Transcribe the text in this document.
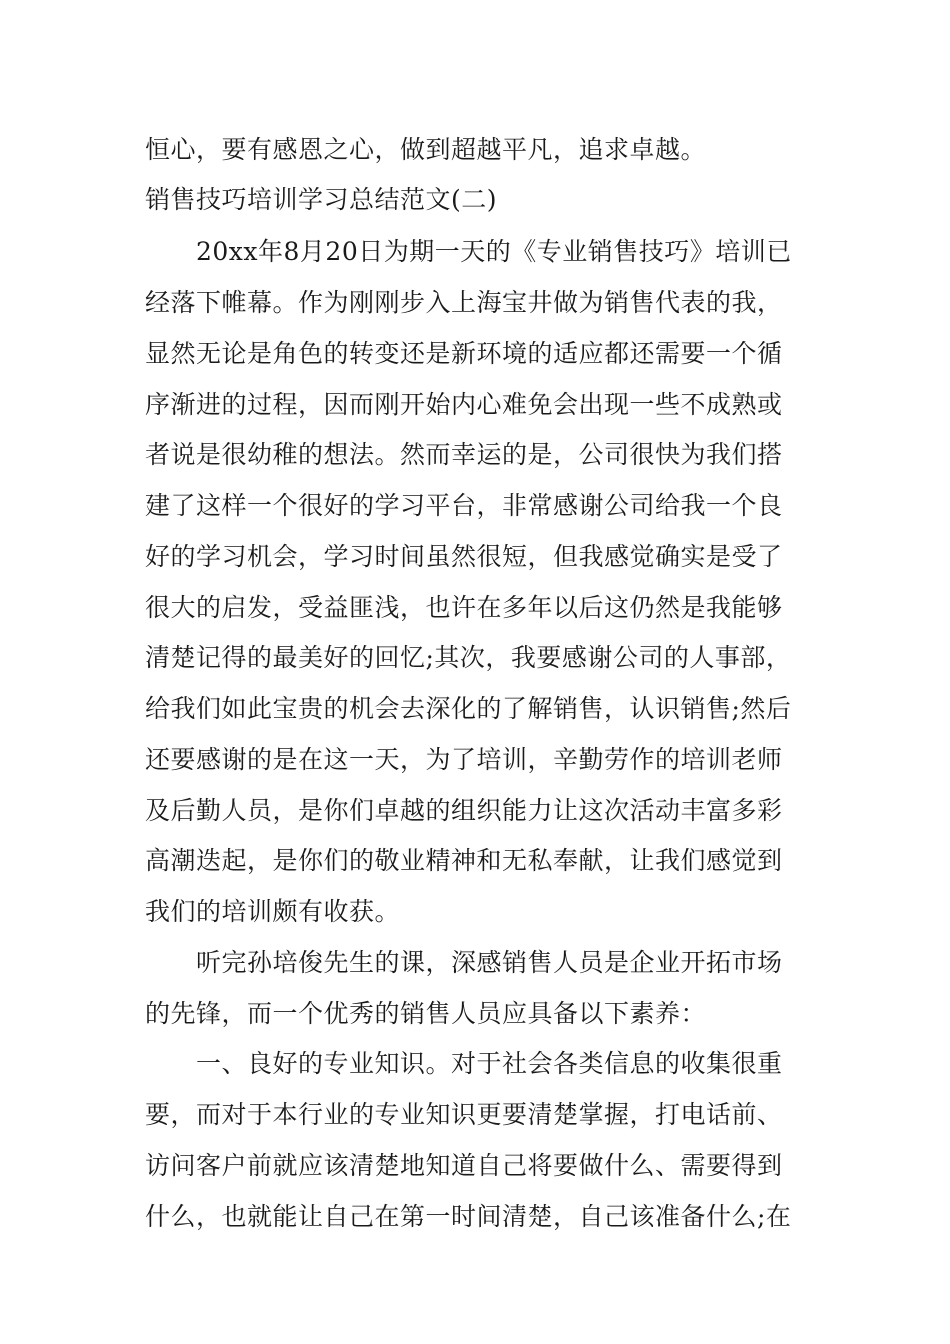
恒心，要有感恩之心，做到超越平凡，追求卓越。
销售技巧培训学习总结范文(二)
20xx年8月20日为期一天的《专业销售技巧》培训已
经落下帷幕。作为刚刚步入上海宝井做为销售代表的我，
显然无论是角色的转变还是新环境的适应都还需要一个循
序渐进的过程，因而刚开始内心难免会出现一些不成熟或
者说是很幼稚的想法。然而幸运的是，公司很快为我们搭
建了这样一个很好的学习平台，非常感谢公司给我一个良
好的学习机会，学习时间虽然很短，但我感觉确实是受了
很大的启发，受益匪浅，也许在多年以后这仍然是我能够
清楚记得的最美好的回忆;其次，我要感谢公司的人事部，
给我们如此宝贵的机会去深化的了解销售，认识销售;然后
还要感谢的是在这一天，为了培训，辛勤劳作的培训老师
及后勤人员，是你们卓越的组织能力让这次活动丰富多彩
高潮迭起，是你们的敬业精神和无私奉献，让我们感觉到
我们的培训颇有收获。
听完孙培俊先生的课，深感销售人员是企业开拓市场
的先锋，而一个优秀的销售人员应具备以下素养：
一、良好的专业知识。对于社会各类信息的收集很重
要，而对于本行业的专业知识更要清楚掌握，打电话前、
访问客户前就应该清楚地知道自己将要做什么、需要得到
什么，也就能让自己在第一时间清楚，自己该准备什么;在
